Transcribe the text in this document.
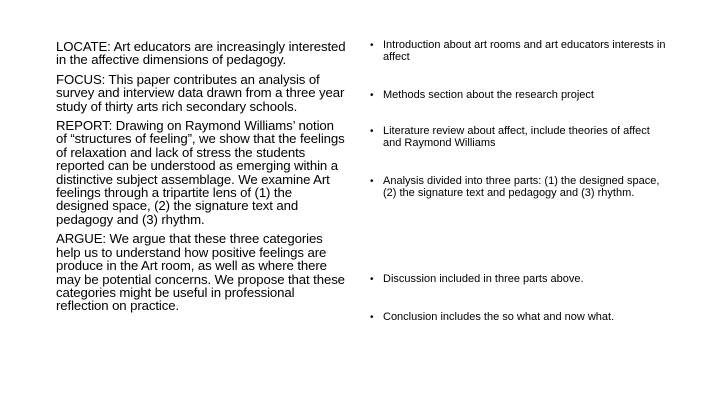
LOCATE: Art educators are increasingly interested in the affective dimensions of pedagogy.

FOCUS: This paper contributes an analysis of survey and interview data drawn from a three year study of thirty arts rich secondary schools.

REPORT: Drawing on Raymond Williams’ notion of “structures of feeling”, we show that the feelings of relaxation and lack of stress the students reported can be understood as emerging within a distinctive subject assemblage. We examine Art feelings through a tripartite lens of (1) the designed space, (2) the signature text and pedagogy and (3) rhythm.

ARGUE: We argue that these three categories help us to understand how positive feelings are produce in the Art room, as well as where there may be potential concerns. We propose that these categories might be useful in professional reflection on practice.

• Introduction about art rooms and art educators interests in affect
• Methods section about the research project
• Literature review about affect, include theories of affect and Raymond Williams
• Analysis divided into three parts: (1) the designed space, (2) the signature text and pedagogy and (3) rhythm.
• Discussion included in three parts above.
• Conclusion includes the so what and now what.
